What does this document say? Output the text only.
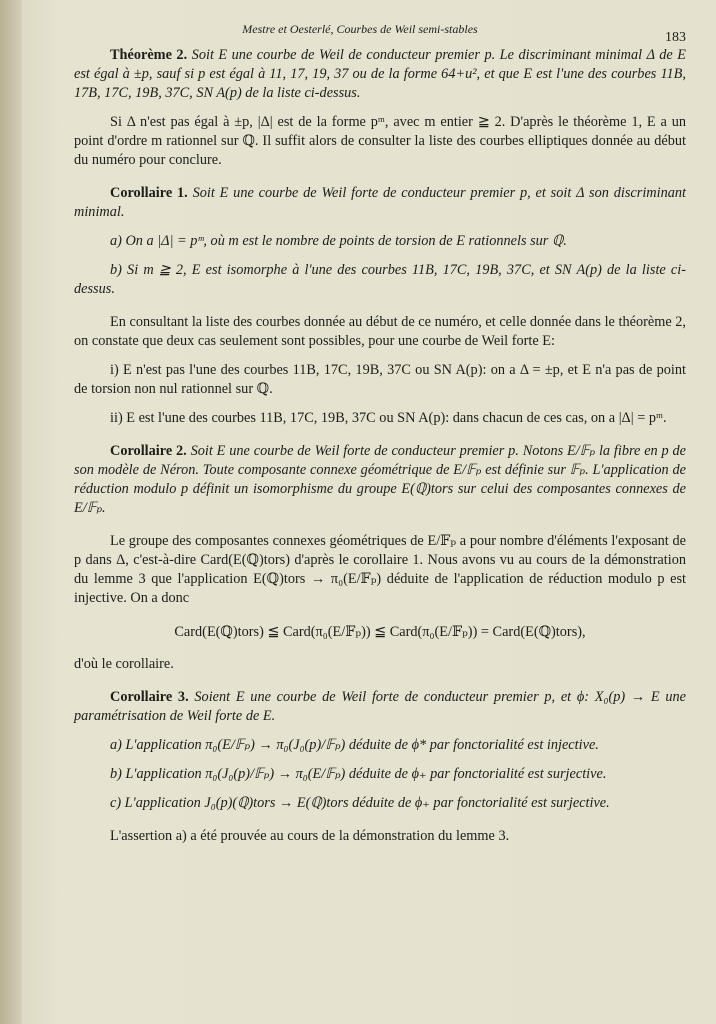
Mestre et Oesterlé, Courbes de Weil semi-stables
183

Théorème 2. Soit E une courbe de Weil de conducteur premier p. Le discriminant minimal Δ de E est égal à ±p, sauf si p est égal à 11, 17, 19, 37 ou de la forme 64+u², et que E est l'une des courbes 11B, 17B, 17C, 19B, 37C, SN A(p) de la liste ci-dessus.

Si Δ n'est pas égal à ±p, |Δ| est de la forme pᵐ, avec m entier ≧ 2. D'après le théorème 1, E a un point d'ordre m rationnel sur ℚ. Il suffit alors de consulter la liste des courbes elliptiques donnée au début du numéro pour conclure.

Corollaire 1. Soit E une courbe de Weil forte de conducteur premier p, et soit Δ son discriminant minimal.

a) On a |Δ| = pᵐ, où m est le nombre de points de torsion de E rationnels sur ℚ.

b) Si m ≧ 2, E est isomorphe à l'une des courbes 11B, 17C, 19B, 37C, et SN A(p) de la liste ci-dessus.

En consultant la liste des courbes donnée au début de ce numéro, et celle donnée dans le théorème 2, on constate que deux cas seulement sont possibles, pour une courbe de Weil forte E:

i) E n'est pas l'une des courbes 11B, 17C, 19B, 37C ou SN A(p): on a Δ = ±p, et E n'a pas de point de torsion non nul rationnel sur ℚ.

ii) E est l'une des courbes 11B, 17C, 19B, 37C ou SN A(p): dans chacun de ces cas, on a |Δ| = pᵐ.

Corollaire 2. Soit E une courbe de Weil forte de conducteur premier p. Notons E/𝔽ₚ la fibre en p de son modèle de Néron. Toute composante connexe géométrique de E/𝔽ₚ est définie sur 𝔽ₚ. L'application de réduction modulo p définit un isomorphisme du groupe E(ℚ)tors sur celui des composantes connexes de E/𝔽ₚ.

Le groupe des composantes connexes géométriques de E/𝔽ₚ a pour nombre d'éléments l'exposant de p dans Δ, c'est-à-dire Card(E(ℚ)tors) d'après le corollaire 1. Nous avons vu au cours de la démonstration du lemme 3 que l'application E(ℚ)tors → π₀(E/𝔽ₚ) déduite de l'application de réduction modulo p est injective. On a donc

Card(E(ℚ)tors) ≦ Card(π₀(E/𝔽ₚ)) ≦ Card(π₀(E/𝔽ₚ)) = Card(E(ℚ)tors),

d'où le corollaire.

Corollaire 3. Soient E une courbe de Weil forte de conducteur premier p, et ϕ: X₀(p) → E une paramétrisation de Weil forte de E.

a) L'application π₀(E/𝔽ₚ) → π₀(J₀(p)/𝔽ₚ) déduite de ϕ* par fonctorialité est injective.

b) L'application π₀(J₀(p)/𝔽ₚ) → π₀(E/𝔽ₚ) déduite de ϕ₊ par fonctorialité est surjective.

c) L'application J₀(p)(ℚ)tors → E(ℚ)tors déduite de ϕ₊ par fonctorialité est surjective.

L'assertion a) a été prouvée au cours de la démonstration du lemme 3.
